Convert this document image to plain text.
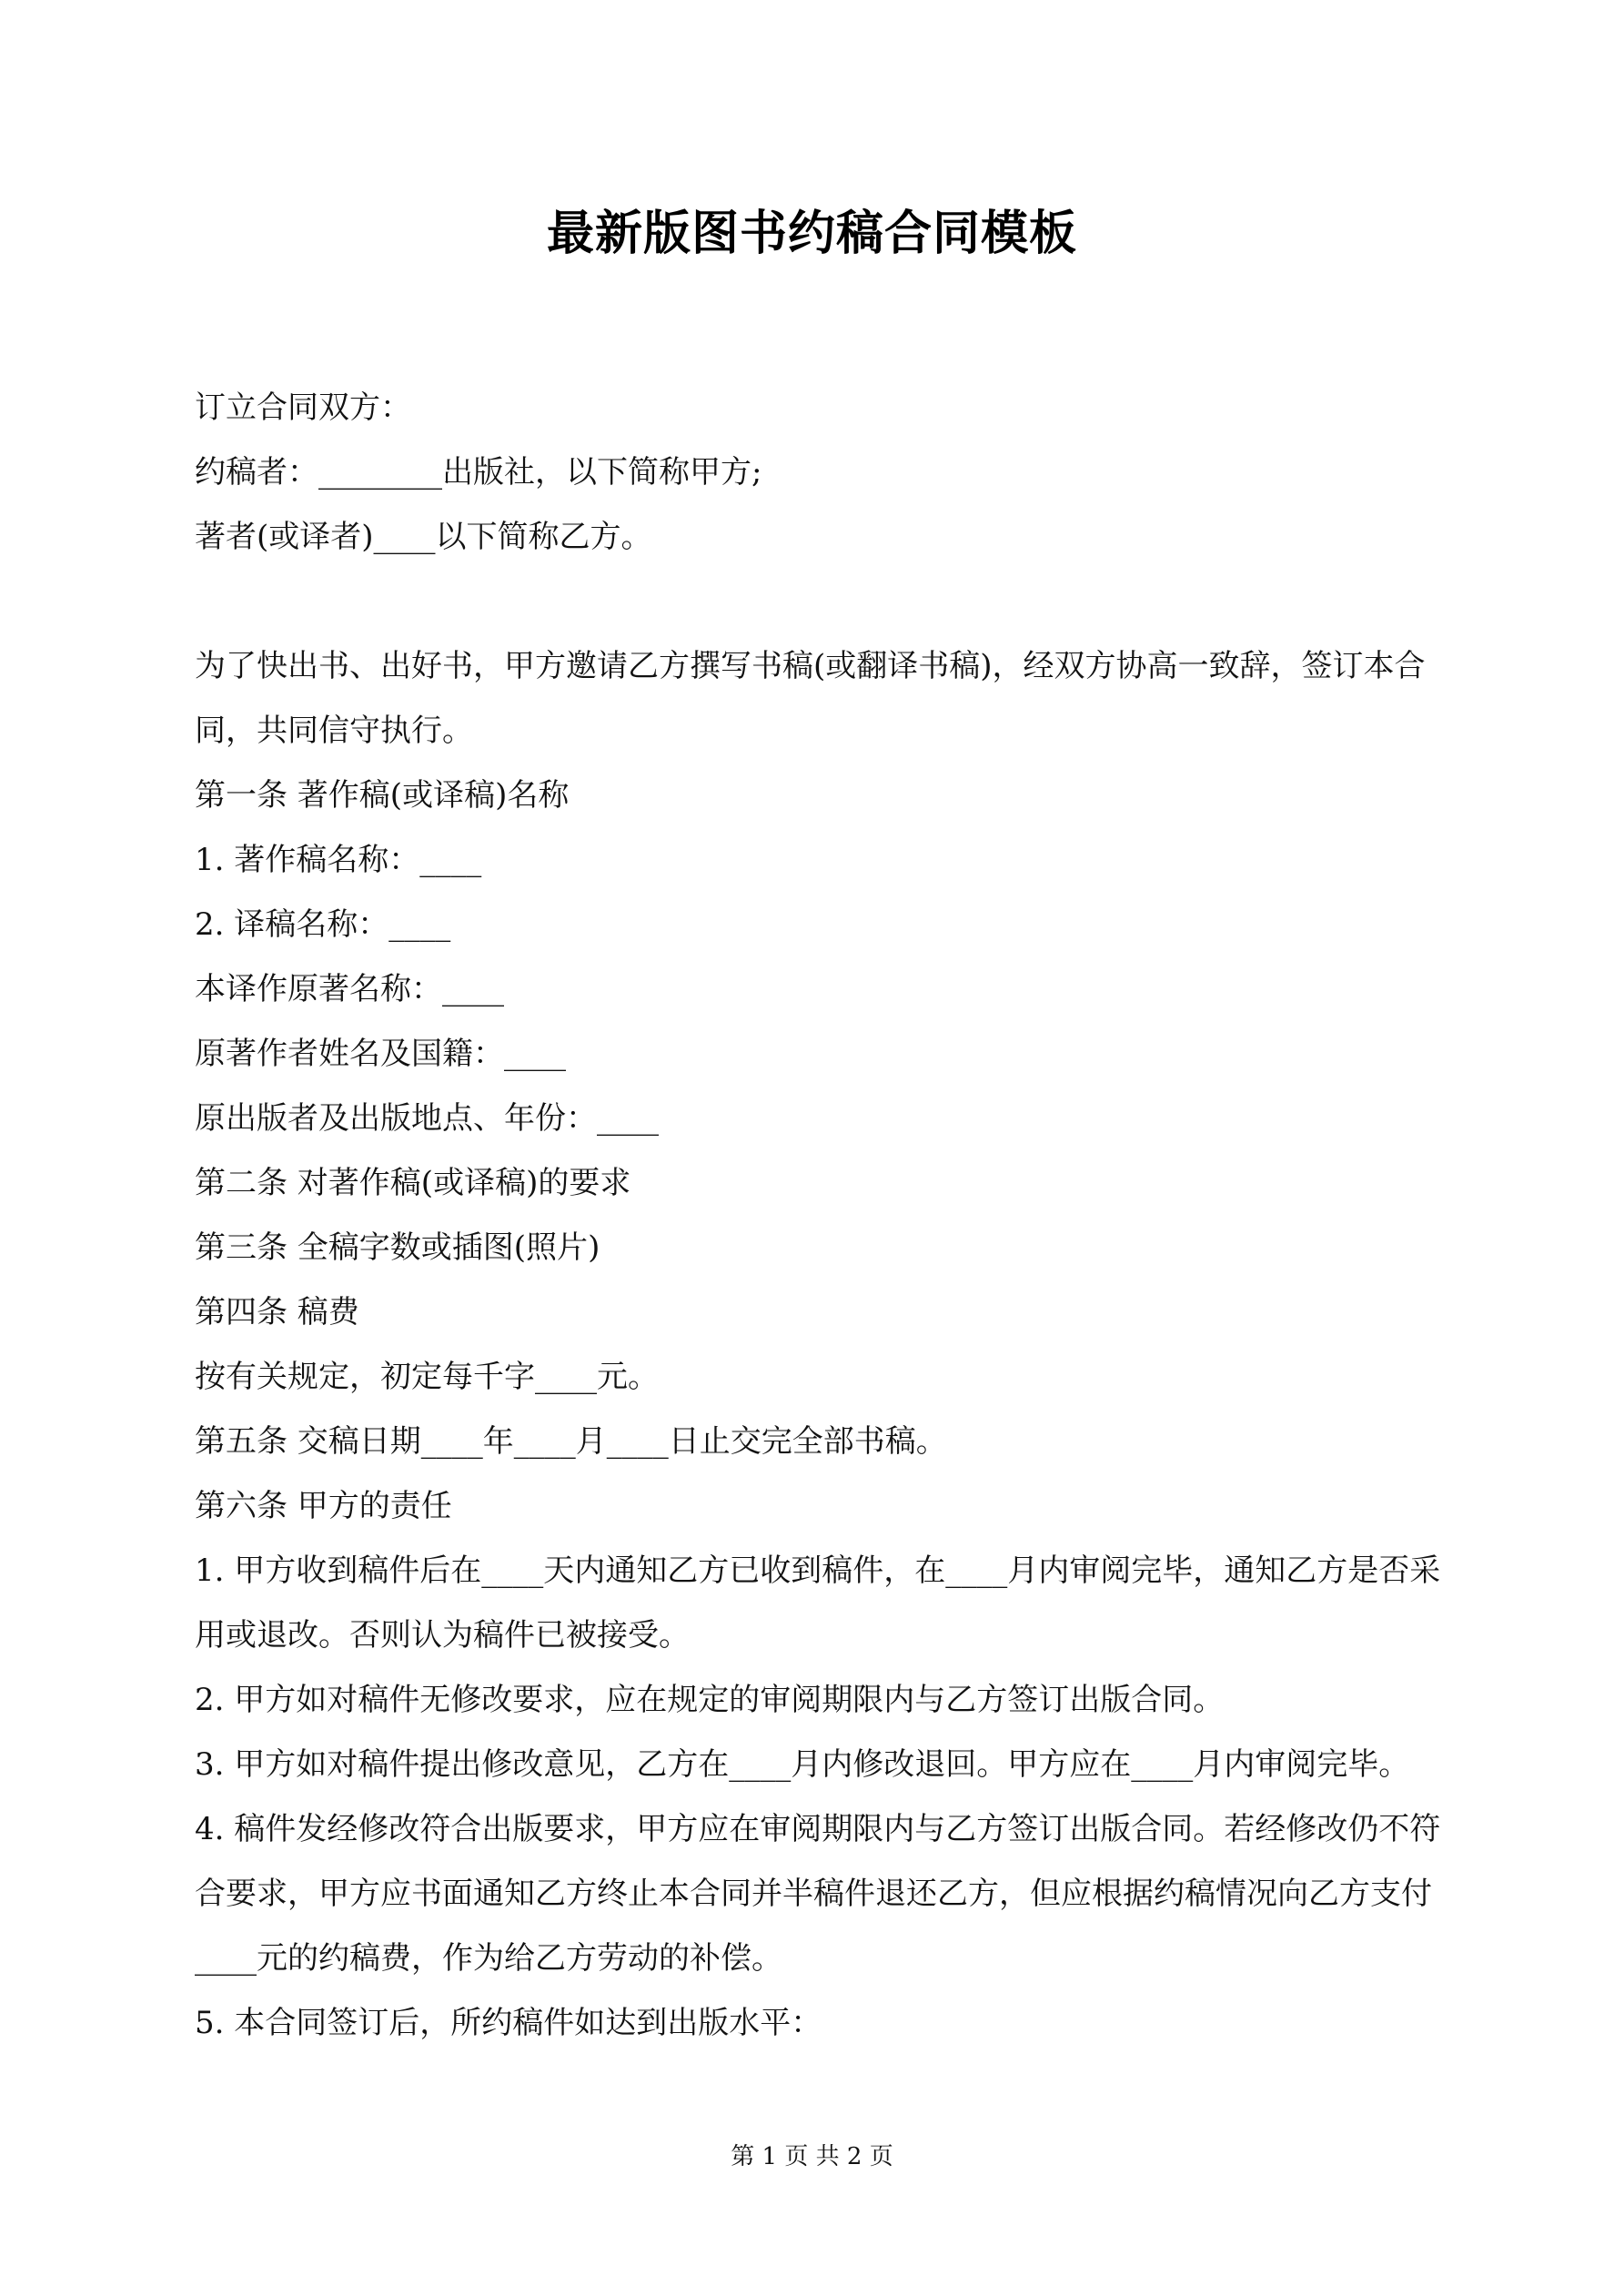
最新版图书约稿合同模板

订立合同双方：

约稿者：________出版社，以下简称甲方;

著者(或译者)____以下简称乙方。

为了快出书、出好书，甲方邀请乙方撰写书稿(或翻译书稿)，经双方协高一致辞，签订本合同，共同信守执行。

第一条 著作稿(或译稿)名称

1. 著作稿名称：____

2. 译稿名称：____

本译作原著名称：____

原著作者姓名及国籍：____

原出版者及出版地点、年份：____

第二条 对著作稿(或译稿)的要求

第三条 全稿字数或插图(照片)

第四条 稿费

按有关规定，初定每千字____元。

第五条 交稿日期____年____月____日止交完全部书稿。

第六条 甲方的责任

1. 甲方收到稿件后在____天内通知乙方已收到稿件，在____月内审阅完毕，通知乙方是否采用或退改。否则认为稿件已被接受。

2. 甲方如对稿件无修改要求，应在规定的审阅期限内与乙方签订出版合同。

3. 甲方如对稿件提出修改意见，乙方在____月内修改退回。甲方应在____月内审阅完毕。

4. 稿件发经修改符合出版要求，甲方应在审阅期限内与乙方签订出版合同。若经修改仍不符合要求，甲方应书面通知乙方终止本合同并半稿件退还乙方，但应根据约稿情况向乙方支付____元的约稿费，作为给乙方劳动的补偿。

5. 本合同签订后，所约稿件如达到出版水平：

第 1 页 共 2 页
